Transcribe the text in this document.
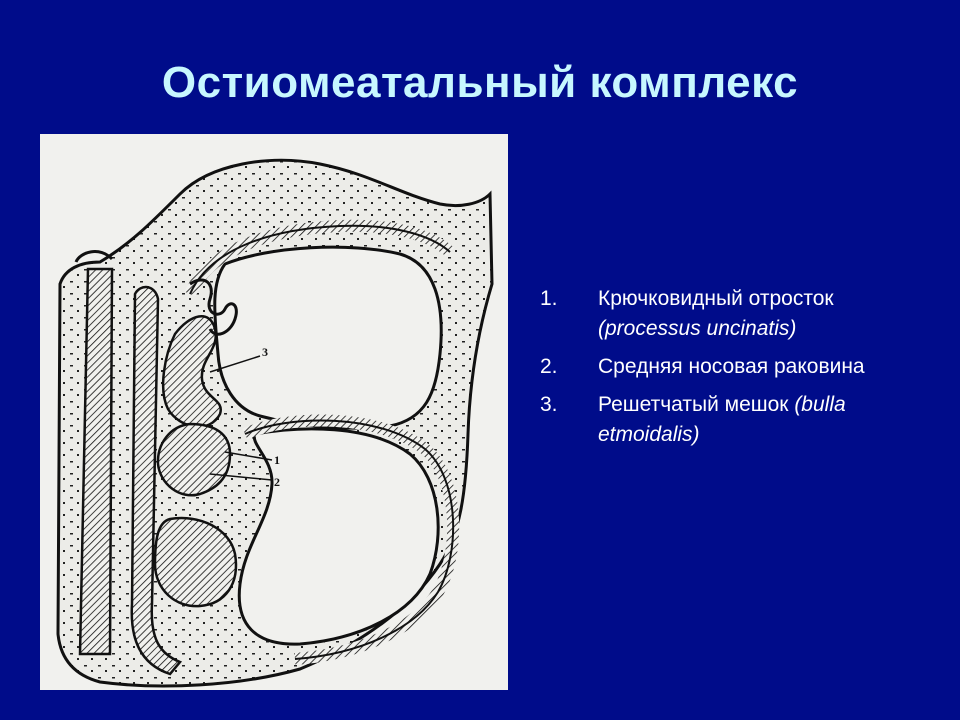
Остиомеатальный комплекс
3
1
2
1.	Крючковидный отросток (processus uncinatis)
2.	Средняя носовая раковина
3.	Решетчатый мешок (bulla etmoidalis)
